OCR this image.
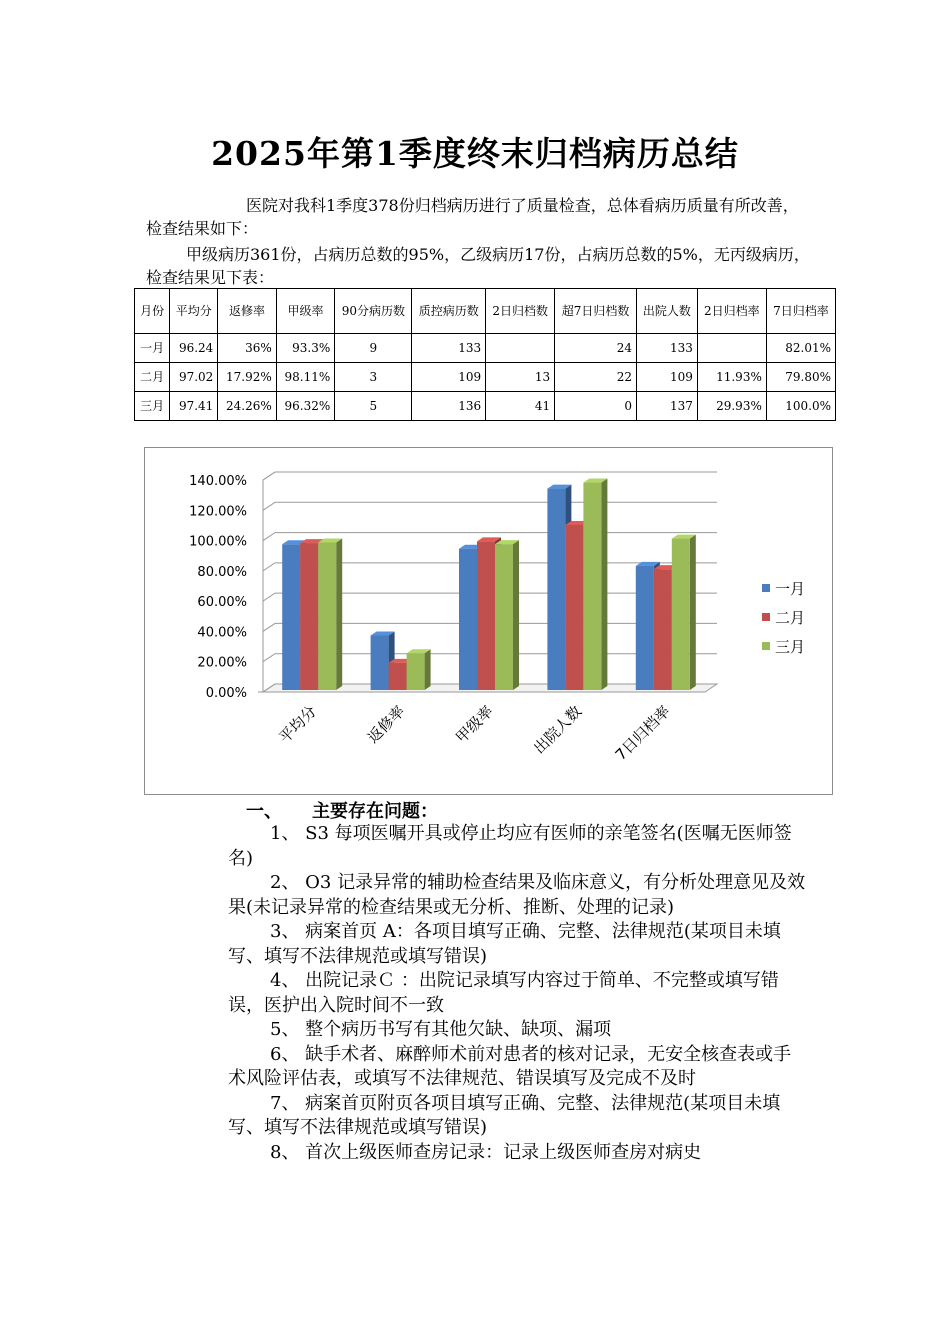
2025年第1季度终末归档病历总结

医院对我科1季度378份归档病历进行了质量检查，总体看病历质量有所改善，检查结果如下：

甲级病历361份，占病历总数的95%，乙级病历17份，占病历总数的5%，无丙级病历，检查结果见下表：

月份	平均分	返修率	甲级率	90分病历数	质控病历数	2日归档数	超7日归档数	出院人数	2日归档率	7日归档率
一月	96.24	36%	93.3%	9	133		24	133		82.01%
二月	97.02	17.92%	98.11%	3	109	13	22	109	11.93%	79.80%
三月	97.41	24.26%	96.32%	5	136	41	0	137	29.93%	100.0%
0.00%
20.00%
40.00%
60.00%
80.00%
100.00%
120.00%
140.00%
平均分	返修率	甲级率 出院人数 7日归档率
一月
二月
三月
一、 主要存在问题：

1、 S3 每项医嘱开具或停止均应有医师的亲笔签名(医嘱无医师签名)

2、 O3 记录异常的辅助检查结果及临床意义，有分析处理意见及效　　果(未记录异常的检查结果或无分析、推断、处理的记录)

3、 病案首页 A：各项目填写正确、完整、法律规范(某项目未填写、填写不法律规范或填写错误)

4、 出院记录Ｃ ：出院记录填写内容过于简单、不完整或填写错误，医护出入院时间不一致

5、 整个病历书写有其他欠缺、缺项、漏项

6、 缺手术者、麻醉师术前对患者的核对记录，无安全核查表或手术风险评估表，或填写不法律规范、错误填写及完成不及时

7、 病案首页附页各项目填写正确、完整、法律规范(某项目未填写、填写不法律规范或填写错误)

8、 首次上级医师查房记录：记录上级医师查房对病史
